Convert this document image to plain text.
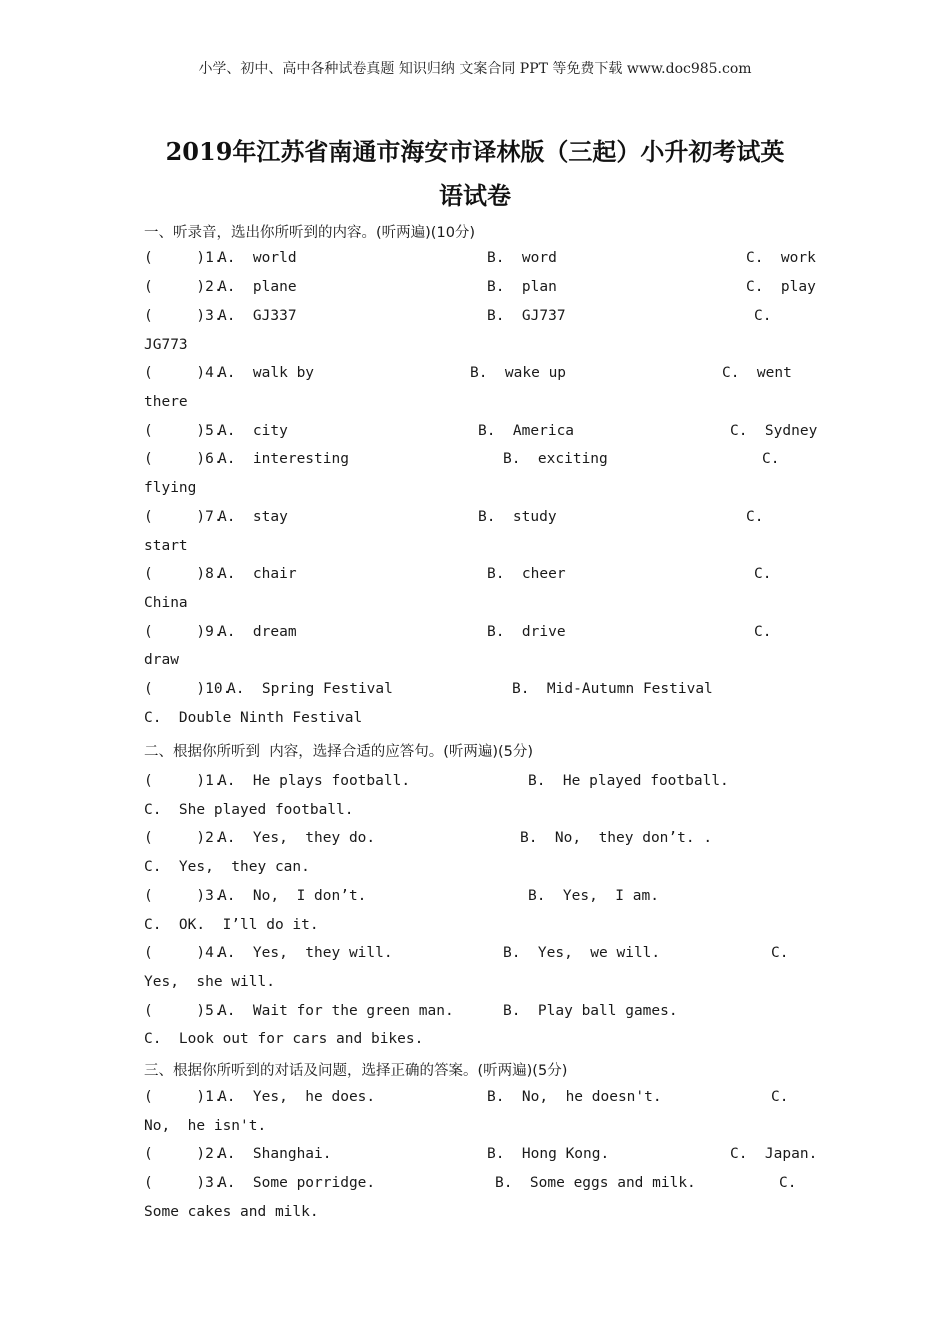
小学、初中、高中各种试卷真题 知识归纳 文案合同 PPT 等免费下载 www.doc985.com
2019年江苏省南通市海安市译林版（三起）小升初考试英
语试卷
一、听录音，选出你所听到的内容。(听两遍)(10分)
(     )1.
A.  world	B.  word	C.  work
(     )2.
A.  plane	B.  plan	C.  play
(     )3.
A.  GJ337	B.  GJ737	C.
JG773
(     )4.
A.  walk by	B.  wake up	C.  went
there
(     )5.
A.  city	B.  America	C.  Sydney
(     )6.
A.  interesting	B.  exciting	C.
flying
(     )7.
A.  stay	B.  study	C.
start
(     )8.
A.  chair	B.  cheer	C.
China
(     )9.
A.  dream	B.  drive	C.
draw
(     )10.
A.  Spring Festival	B.  Mid-Autumn Festival
C.  Double Ninth Festival
二、根据你所听到  内容，选择合适的应答句。(听两遍)(5分)
(     )1.
A.  He plays football.	B.  He played football.
C.  She played football.
(     )2.
A.  Yes,  they do.	B.  No,  they don’t. .
C.  Yes,  they can.
(     )3.
A.  No,  I don’t.	B.  Yes,  I am.
C.  OK.  I’ll do it.
(     )4.
A.  Yes,  they will.	B.  Yes,  we will.	C.
Yes,  she will.
(     )5.
A.  Wait for the green man.	B.  Play ball games.
C.  Look out for cars and bikes.
三、根据你所听到的对话及问题，选择正确的答案。(听两遍)(5分)
(     )1.
A.  Yes,  he does.	B.  No,  he doesn't.	C.
No,  he isn't.
(     )2.
A.  Shanghai.	B.  Hong Kong.	C.  Japan.
(     )3.
A.  Some porridge.	B.  Some eggs and milk.	C.
Some cakes and milk.
